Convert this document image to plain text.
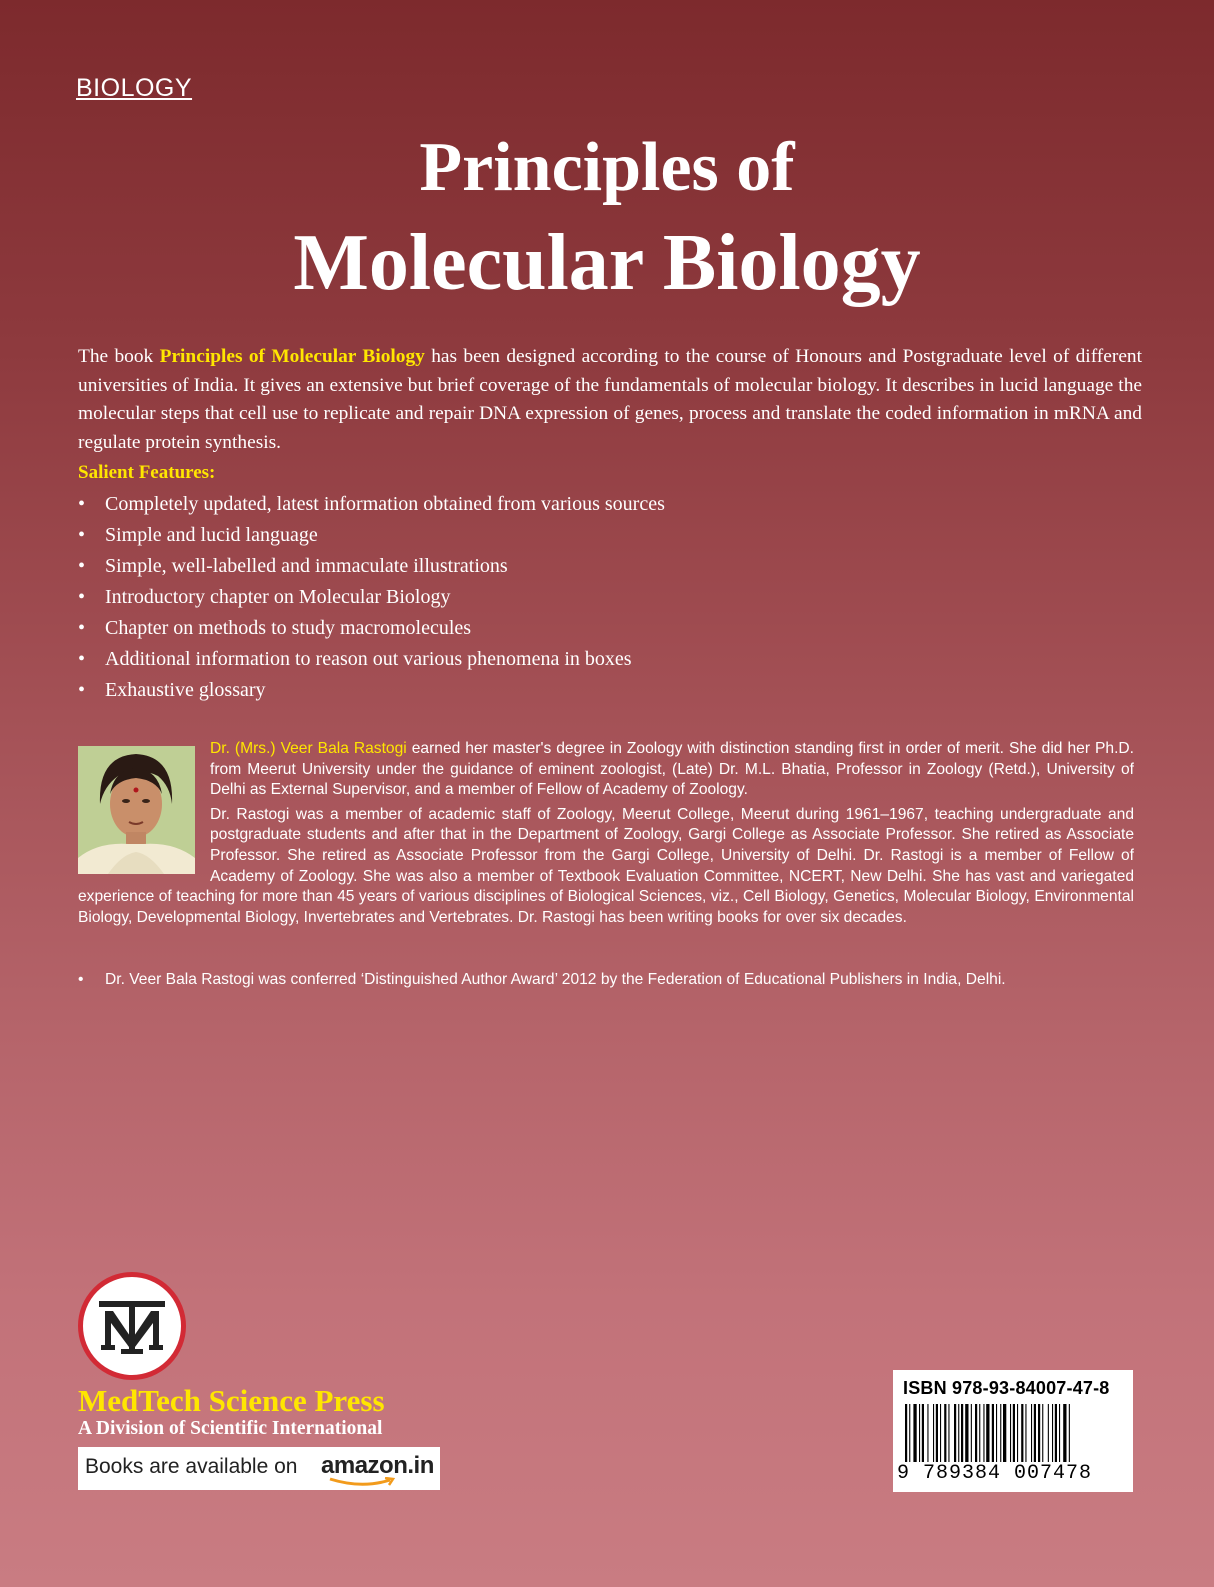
BIOLOGY
Principles of
Molecular Biology
The book Principles of Molecular Biology has been designed according to the course of Honours and Postgraduate level of different universities of India. It gives an extensive but brief coverage of the fundamentals of molecular biology. It describes in lucid language the molecular steps that cell use to replicate and repair DNA expression of genes, process and translate the coded information in mRNA and regulate protein synthesis.
Salient Features:
• Completely updated, latest information obtained from various sources
• Simple and lucid language
• Simple, well-labelled and immaculate illustrations
• Introductory chapter on Molecular Biology
• Chapter on methods to study macromolecules
• Additional information to reason out various phenomena in boxes
• Exhaustive glossary

Dr. (Mrs.) Veer Bala Rastogi earned her master's degree in Zoology with distinction standing first in order of merit. She did her Ph.D. from Meerut University under the guidance of eminent zoologist, (Late) Dr. M.L. Bhatia, Professor in Zoology (Retd.), University of Delhi as External Supervisor, and a member of Fellow of Academy of Zoology.

Dr. Rastogi was a member of academic staff of Zoology, Meerut College, Meerut during 1961–1967, teaching undergraduate and postgraduate students and after that in the Department of Zoology, Gargi College as Associate Professor. She retired as Associate Professor. She retired as Associate Professor from the Gargi College, University of Delhi. Dr. Rastogi is a member of Fellow of Academy of Zoology. She was also a member of Textbook Evaluation Committee, NCERT, New Delhi. She has vast and variegated experience of teaching for more than 45 years of various disciplines of Biological Sciences, viz., Cell Biology, Genetics, Molecular Biology, Environmental Biology, Developmental Biology, Invertebrates and Vertebrates. Dr. Rastogi has been writing books for over six decades.

•	Dr. Veer Bala Rastogi was conferred ‘Distinguished Author Award’ 2012 by the Federation of Educational Publishers in India, Delhi.
MedTech Science Press
A Division of Scientific International
Books are available on amazon.in
ISBN 978-93-84007-47-8
9 789384 007478
